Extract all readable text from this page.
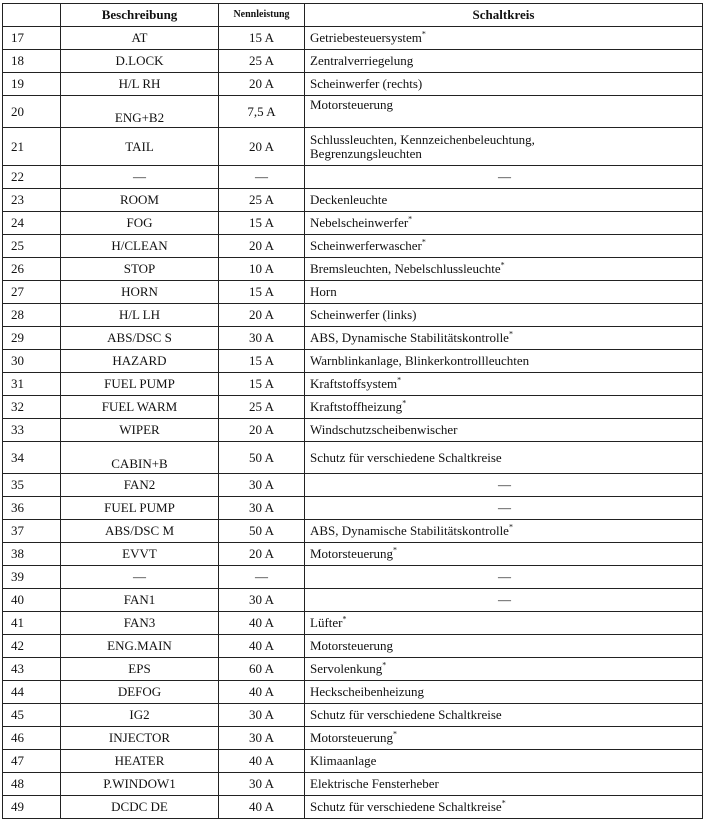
	Beschreibung	Nennleistung	Schaltkreis
17	AT	15 A	Getriebesteuersystem*
18	D.LOCK	25 A	Zentralverriegelung
19	H/L RH	20 A	Scheinwerfer (rechts)
20	ENG+B2	7,5 A	Motorsteuerung
21	TAIL	20 A	Schlussleuchten, Kennzeichenbeleuchtung,
Begrenzungsleuchten
22	—	—	—
23	ROOM	25 A	Deckenleuchte
24	FOG	15 A	Nebelscheinwerfer*
25	H/CLEAN	20 A	Scheinwerferwascher*
26	STOP	10 A	Bremsleuchten, Nebelschlussleuchte*
27	HORN	15 A	Horn
28	H/L LH	20 A	Scheinwerfer (links)
29	ABS/DSC S	30 A	ABS, Dynamische Stabilitätskontrolle*
30	HAZARD	15 A	Warnblinkanlage, Blinkerkontrollleuchten
31	FUEL PUMP	15 A	Kraftstoffsystem*
32	FUEL WARM	25 A	Kraftstoffheizung*
33	WIPER	20 A	Windschutzscheibenwischer
34	CABIN+B	50 A	Schutz für verschiedene Schaltkreise
35	FAN2	30 A	—
36	FUEL PUMP	30 A	—
37	ABS/DSC M	50 A	ABS, Dynamische Stabilitätskontrolle*
38	EVVT	20 A	Motorsteuerung*
39	—	—	—
40	FAN1	30 A	—
41	FAN3	40 A	Lüfter*
42	ENG.MAIN	40 A	Motorsteuerung
43	EPS	60 A	Servolenkung*
44	DEFOG	40 A	Heckscheibenheizung
45	IG2	30 A	Schutz für verschiedene Schaltkreise
46	INJECTOR	30 A	Motorsteuerung*
47	HEATER	40 A	Klimaanlage
48	P.WINDOW1	30 A	Elektrische Fensterheber
49	DCDC DE	40 A	Schutz für verschiedene Schaltkreise*
